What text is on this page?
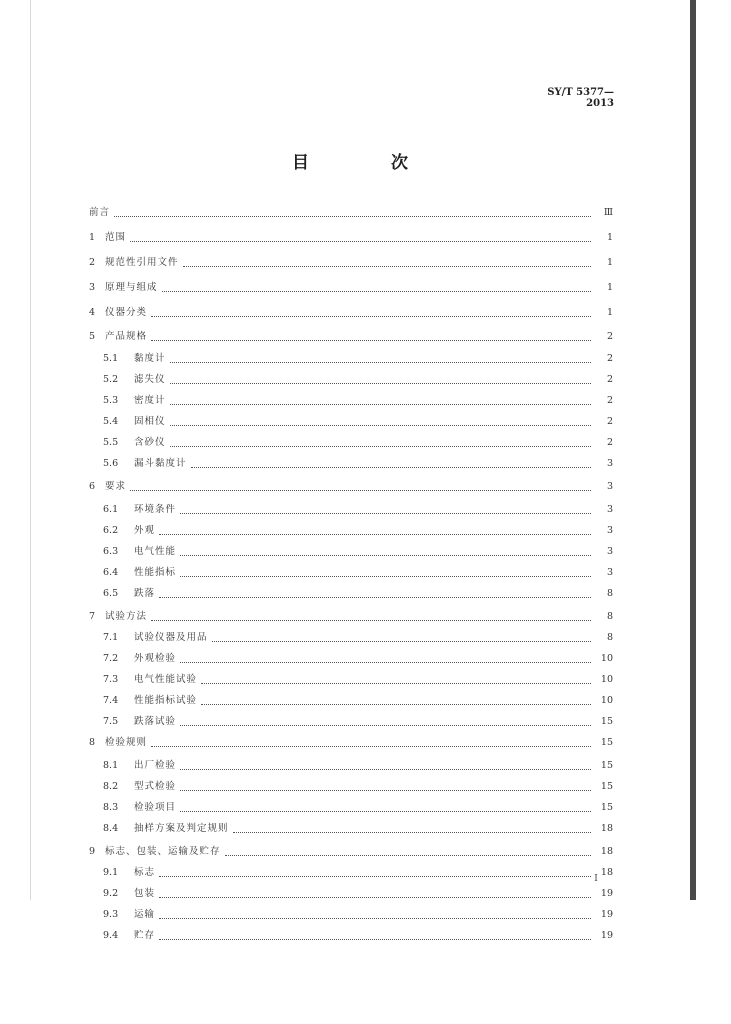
SY/T 5377—2013
目 次
前言	Ⅲ
1	范围	1
2	规范性引用文件	1
3	原理与组成	1
4	仪器分类	1
5	产品规格	2
5.1	黏度计	2
5.2	滤失仪	2
5.3	密度计	2
5.4	固相仪	2
5.5	含砂仪	2
5.6	漏斗黏度计	3
6	要求	3
6.1	环境条件	3
6.2	外观	3
6.3	电气性能	3
6.4	性能指标	3
6.5	跌落	8
7	试验方法	8
7.1	试验仪器及用品	8
7.2	外观检验	10
7.3	电气性能试验	10
7.4	性能指标试验	10
7.5	跌落试验	15
8	检验规则	15
8.1	出厂检验	15
8.2	型式检验	15
8.3	检验项目	15
8.4	抽样方案及判定规则	18
9	标志、包装、运输及贮存	18
9.1	标志	18
9.2	包装	19
9.3	运输	19
9.4	贮存	19
I
